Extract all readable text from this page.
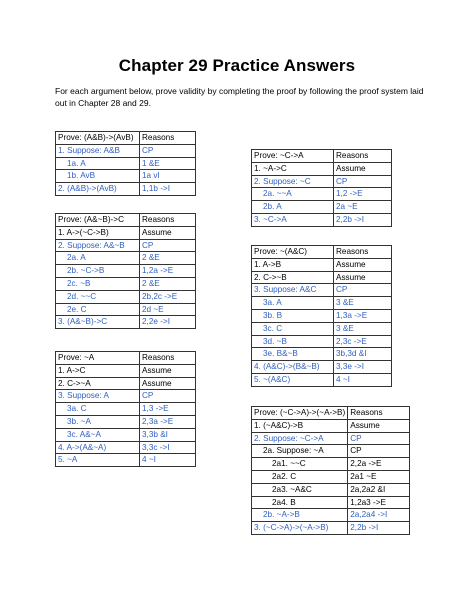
Chapter 29 Practice Answers
For each argument below, prove validity by completing the proof by following the proof system laid out in Chapter 28 and 29.
Prove: (A&B)->(AvB)	Reasons
1. Suppose: A&B	CP
1a. A	1 &E
1b. AvB	1a vI
2. (A&B)->(AvB)	1,1b ->I
Prove: (A&~B)->C	Reasons
1. A->(~C->B)	Assume
2. Suppose: A&~B	CP
2a. A	2 &E
2b. ~C->B	1,2a ->E
2c. ~B	2 &E
2d. ~~C	2b,2c ->E
2e. C	2d ~E
3. (A&~B)->C	2,2e ->I
Prove: ~A	Reasons
1. A->C	Assume
2. C->~A	Assume
3. Suppose: A	CP
3a. C	1,3 ->E
3b. ~A	2,3a ->E
3c. A&~A	3,3b &I
4. A->(A&~A)	3,3c ->I
5. ~A	4 ~I
Prove: ~C->A	Reasons
1. ~A->C	Assume
2. Suppose: ~C	CP
2a. ~~A	1,2 ->E
2b. A	2a ~E
3. ~C->A	2,2b ->I
Prove: ~(A&C)	Reasons
1. A->B	Assume
2. C->~B	Assume
3. Suppose: A&C	CP
3a. A	3 &E
3b. B	1,3a ->E
3c. C	3 &E
3d. ~B	2,3c ->E
3e. B&~B	3b,3d &I
4. (A&C)->(B&~B)	3,3e ->I
5. ~(A&C)	4 ~I
Prove: (~C->A)->(~A->B)	Reasons
1. (~A&C)->B	Assume
2. Suppose: ~C->A	CP
2a. Suppose: ~A	CP
2a1. ~~C	2,2a ->E
2a2. C	2a1 ~E
2a3. ~A&C	2a,2a2 &I
2a4. B	1,2a3 ->E
2b. ~A->B	2a,2a4 ->I
3. (~C->A)->(~A->B)	2,2b ->I
